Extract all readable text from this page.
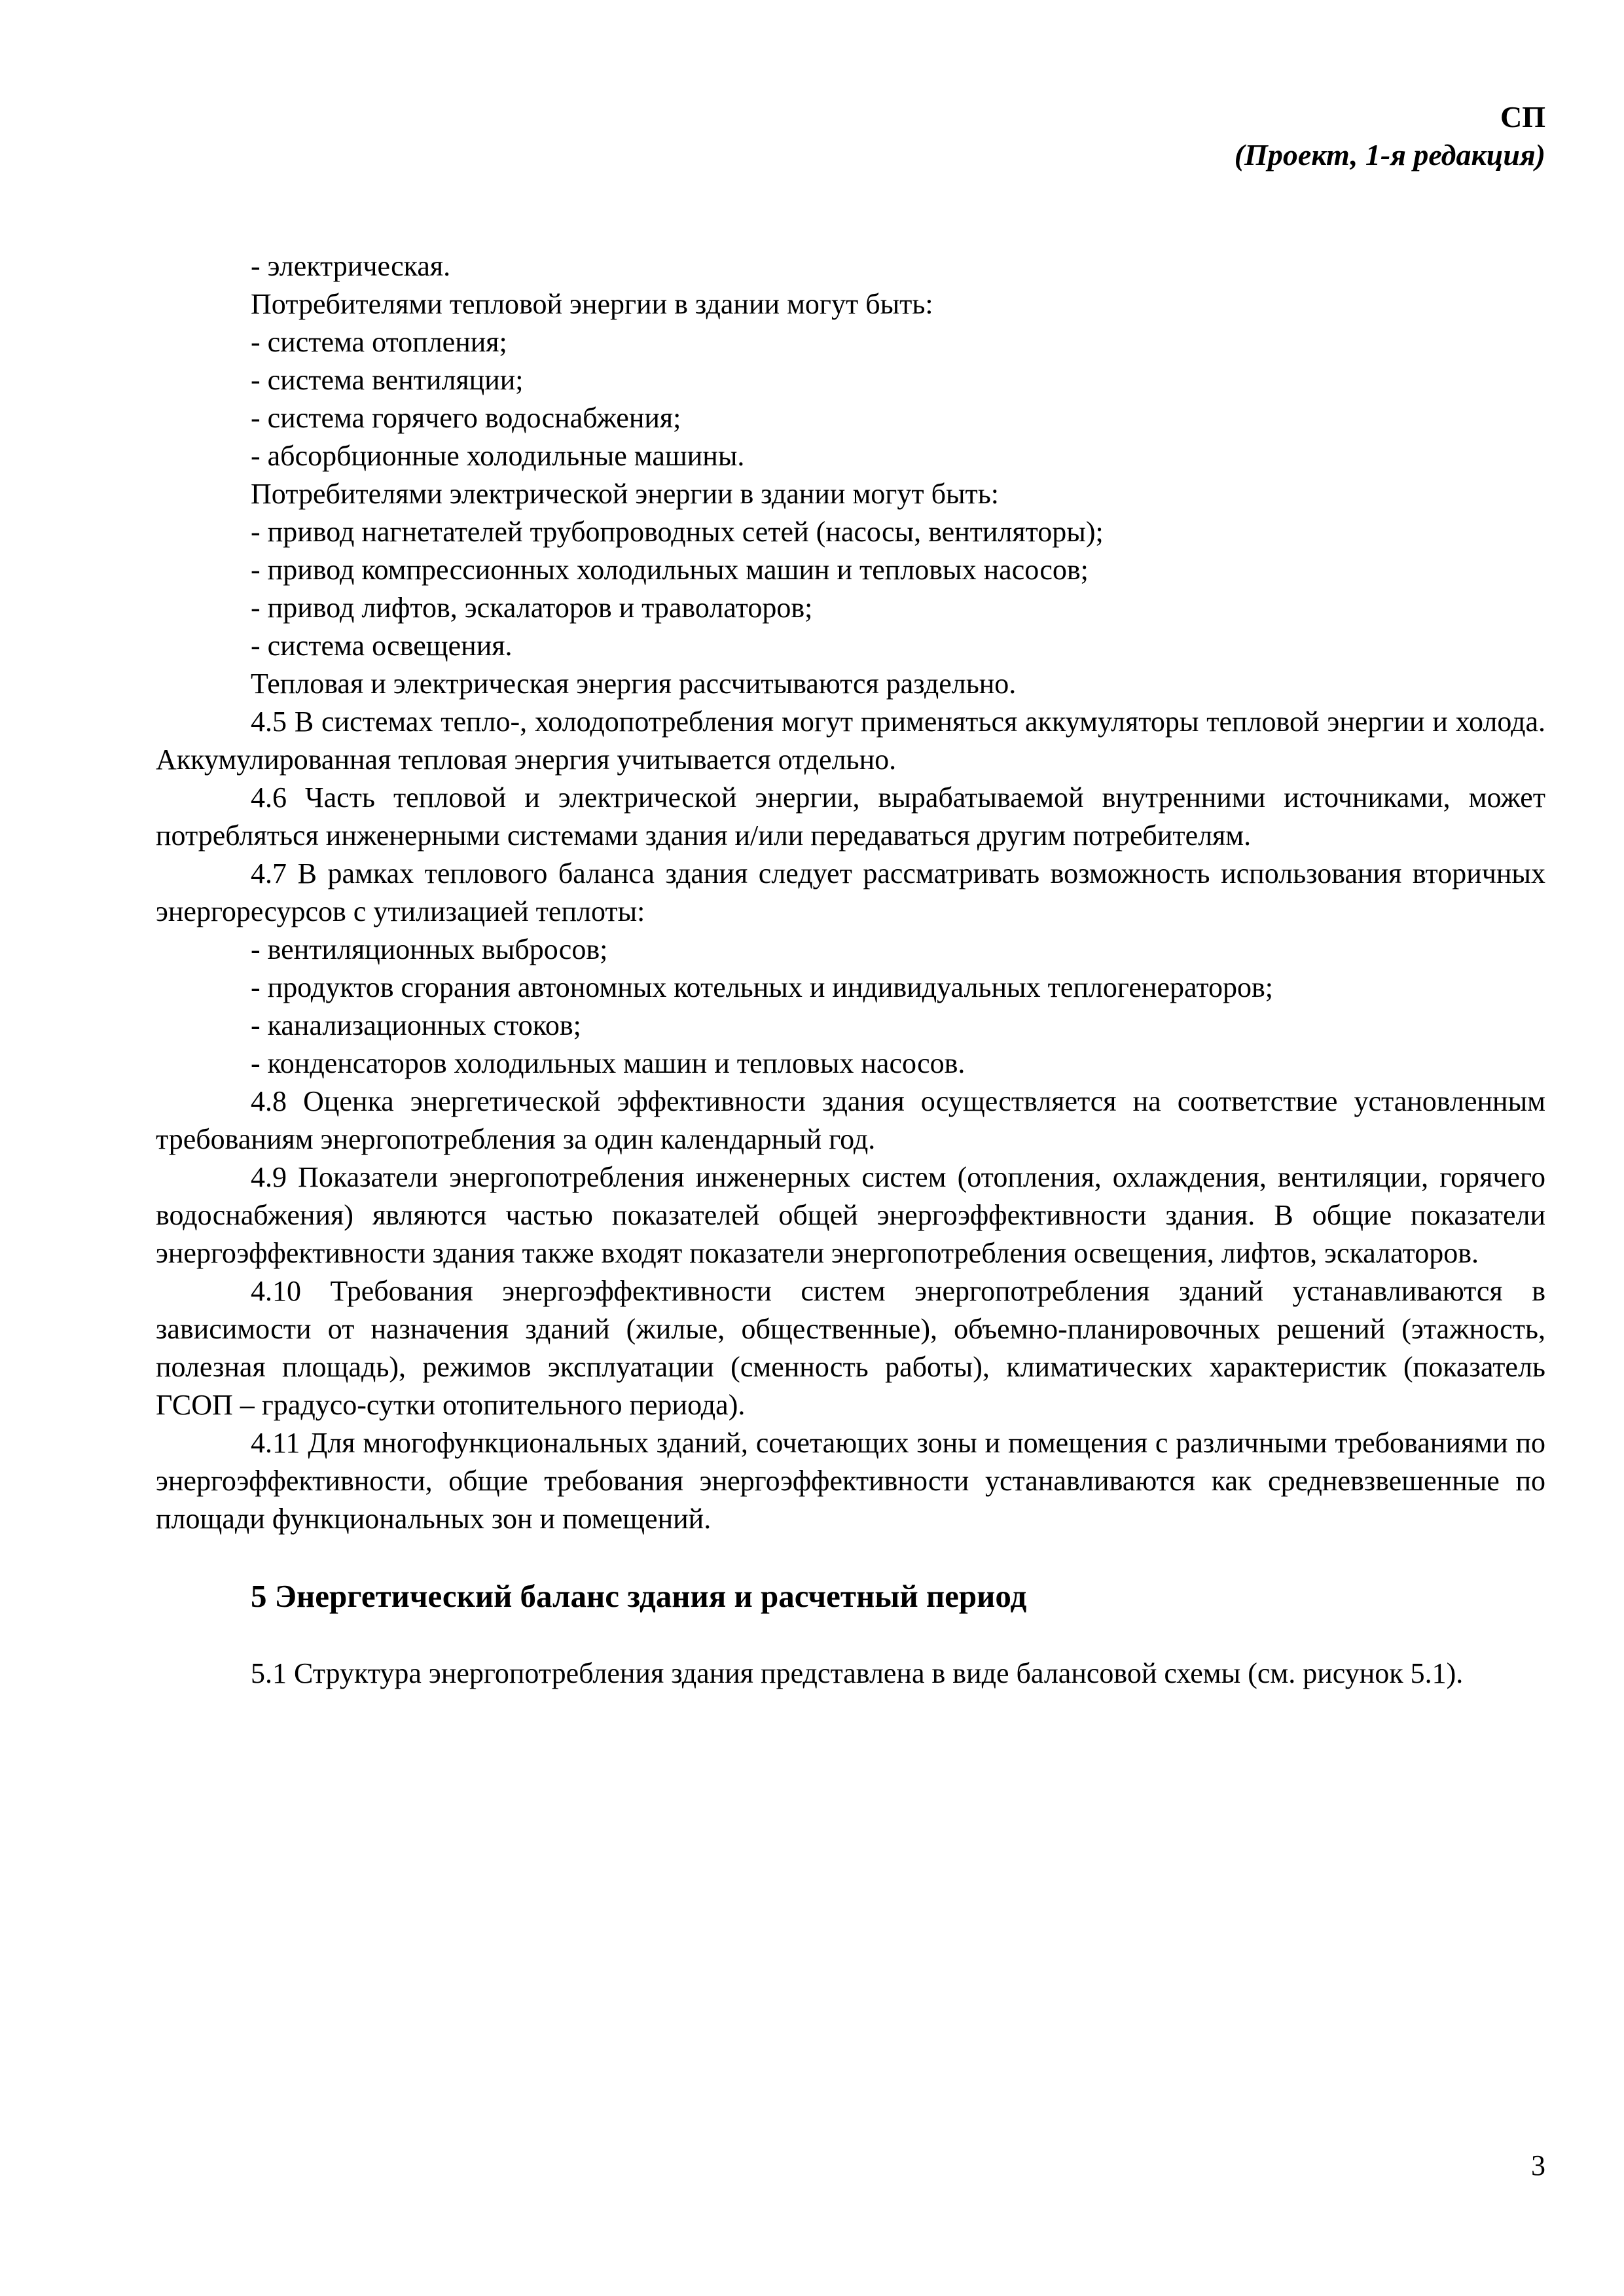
СП
(Проект, 1-я редакция)

- электрическая.

Потребителями тепловой энергии в здании могут быть:

- система отопления;

- система вентиляции;

- система горячего водоснабжения;

- абсорбционные холодильные машины.

Потребителями электрической энергии в здании могут быть:

- привод нагнетателей трубопроводных сетей (насосы, вентиляторы);

- привод компрессионных холодильных машин и тепловых насосов;

- привод лифтов, эскалаторов и траволаторов;

- система освещения.

Тепловая и электрическая энергия рассчитываются раздельно.

4.5 В системах тепло-, холодопотребления могут применяться аккумуляторы тепловой энергии и холода. Аккумулированная тепловая энергия учитывается отдельно.

4.6 Часть тепловой и электрической энергии, вырабатываемой внутренними источниками, может потребляться инженерными системами здания и/или передаваться другим потребителям.

4.7 В рамках теплового баланса здания следует рассматривать возможность использования вторичных энергоресурсов с утилизацией теплоты:

- вентиляционных выбросов;

- продуктов сгорания автономных котельных и индивидуальных теплогенераторов;

- канализационных стоков;

- конденсаторов холодильных машин и тепловых насосов.

4.8 Оценка энергетической эффективности здания осуществляется на соответствие установленным требованиям энергопотребления за один календарный год.

4.9 Показатели энергопотребления инженерных систем (отопления, охлаждения, вентиляции, горячего водоснабжения) являются частью показателей общей энергоэффективности здания. В общие показатели энергоэффективности здания также входят показатели энергопотребления освещения, лифтов, эскалаторов.

4.10 Требования энергоэффективности систем энергопотребления зданий устанавливаются в зависимости от назначения зданий (жилые, общественные), объемно-планировочных решений (этажность, полезная площадь), режимов эксплуатации (сменность работы), климатических характеристик (показатель ГСОП – градусо-сутки отопительного периода).

4.11 Для многофункциональных зданий, сочетающих зоны и помещения с различными требованиями по энергоэффективности, общие требования энергоэффективности устанавливаются как средневзвешенные по площади функциональных зон и помещений.

5 Энергетический баланс здания и расчетный период

5.1 Структура энергопотребления здания представлена в виде балансовой схемы (см. рисунок 5.1).

3
